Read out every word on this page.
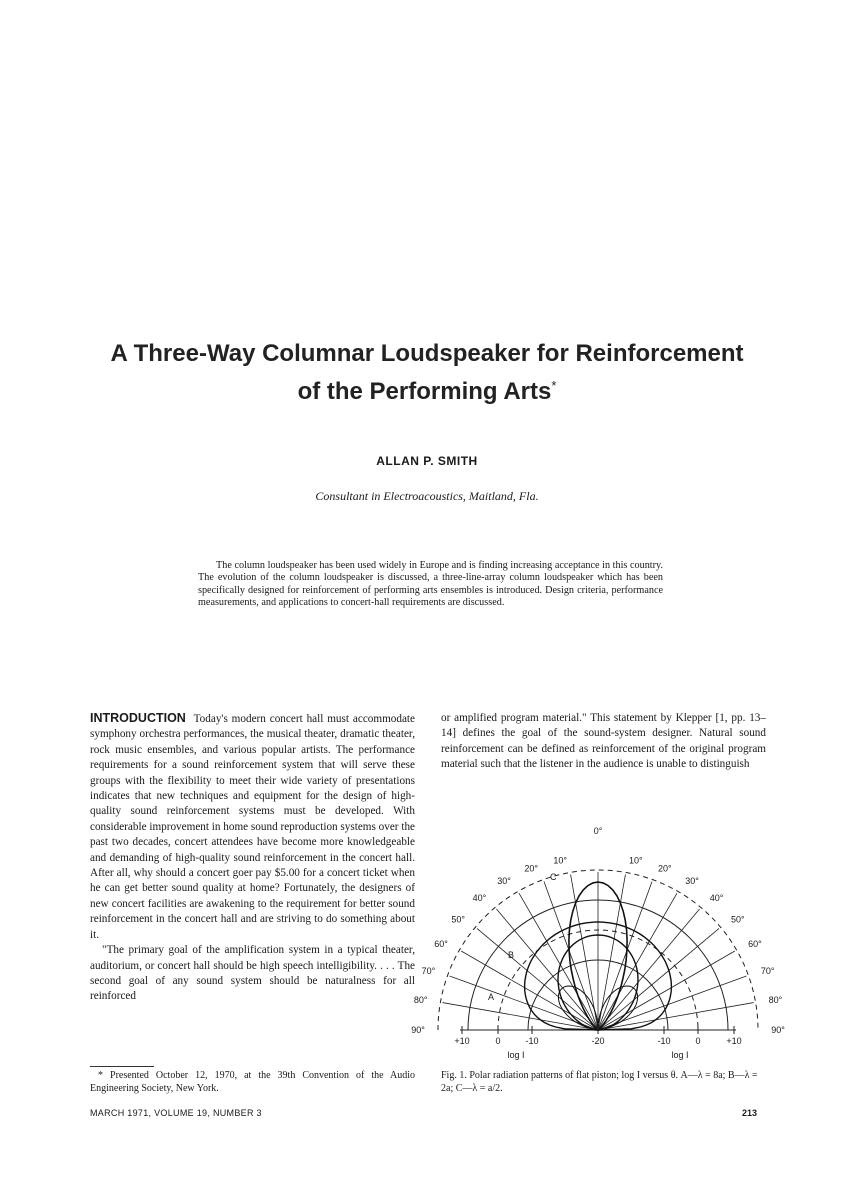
A Three-Way Columnar Loudspeaker for Reinforcement
of the Performing Arts*
ALLAN P. SMITH
Consultant in Electroacoustics, Maitland, Fla.
The column loudspeaker has been used widely in Europe and is finding increasing acceptance in this country. The evolution of the column loudspeaker is discussed, a three-line-array column loudspeaker which has been specifically designed for reinforcement of performing arts ensembles is introduced. Design criteria, performance measurements, and applications to concert-hall requirements are discussed.

INTRODUCTION Today's modern concert hall must accommodate symphony orchestra performances, the musical theater, dramatic theater, rock music ensembles, and various popular artists. The performance requirements for a sound reinforcement system that will serve these groups with the flexibility to meet their wide variety of presentations indicates that new techniques and equipment for the design of high-quality sound reinforcement systems must be developed. With considerable improvement in home sound reproduction systems over the past two decades, concert attendees have become more knowledgeable and demanding of high-quality sound reinforcement in the concert hall. After all, why should a concert goer pay $5.00 for a concert ticket when he can get better sound quality at home? Fortunately, the designers of new concert facilities are awakening to the requirement for better sound reinforcement in the concert hall and are striving to do something about it.

"The primary goal of the amplification system in a typical theater, auditorium, or concert hall should be high speech intelligibility. . . . The second goal of any sound system should be naturalness for all reinforced

or amplified program material." This statement by Klepper [1, pp. 13–14] defines the goal of the sound-system designer. Natural sound reinforcement can be defined as reinforcement of the original program material such that the listener in the audience is unable to distinguish
10°	10°
20°	20°
30°	30°
40°	40°
50°	50°
60°	60°
70°	70°
80°	80°
90°	90°
0°
A
B
C
+10	0	-10	-20	-10	0	+10
log I	log I
* Presented October 12, 1970, at the 39th Convention of the Audio Engineering Society, New York.
Fig. 1. Polar radiation patterns of flat piston; log I versus θ. A—λ = 8a; B—λ = 2a; C—λ = a/2.
MARCH 1971, VOLUME 19, NUMBER 3	213
